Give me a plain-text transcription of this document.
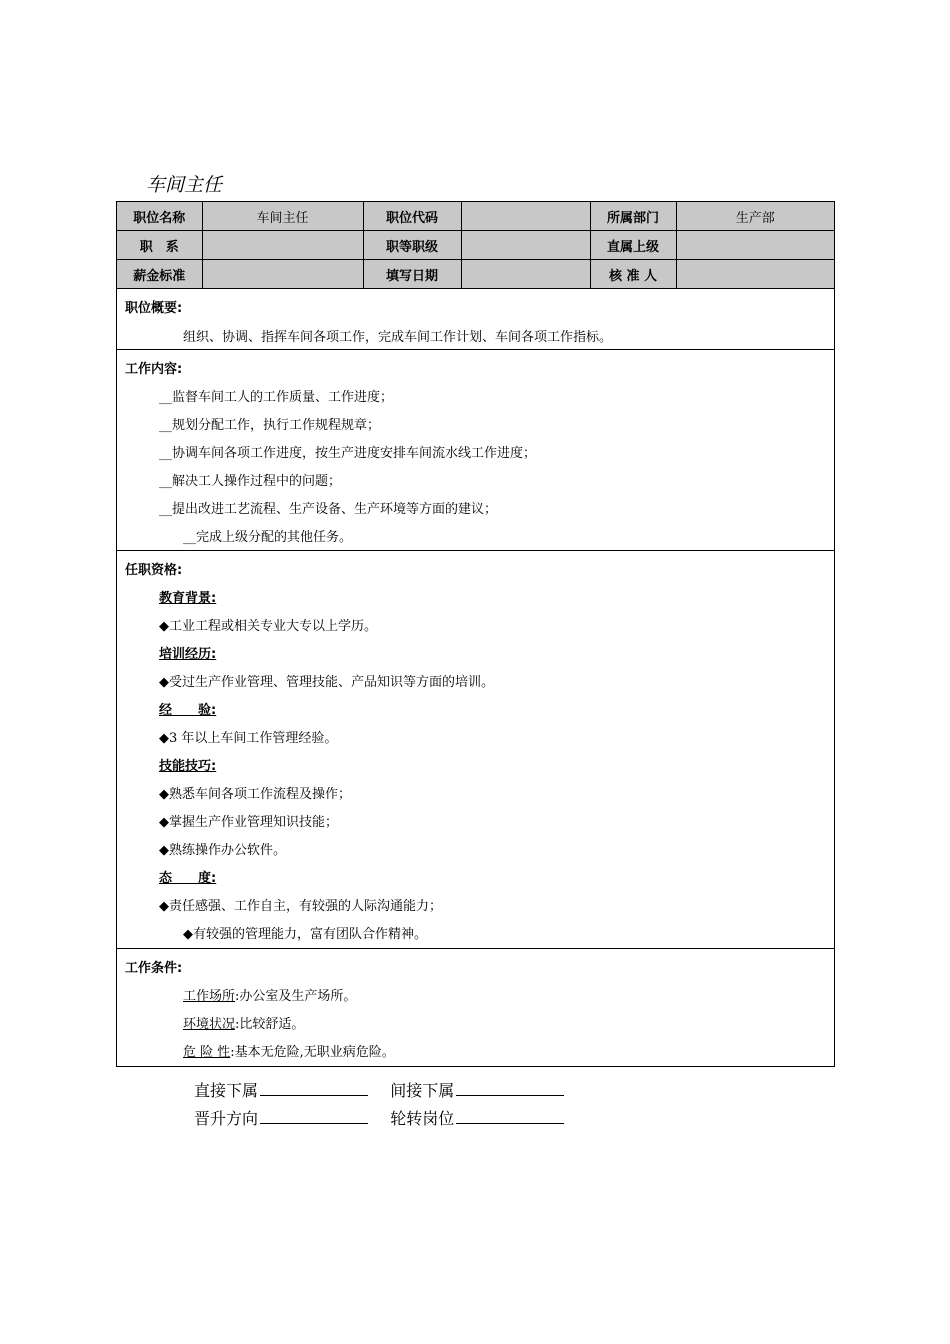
车间主任
职位名称	车间主任	职位代码		所属部门	生产部
职　系		职等职级		直属上级	
薪金标准		填写日期		核 准 人	
职位概要:
组织、协调、指挥车间各项工作，完成车间工作计划、车间各项工作指标。
工作内容:
__监督车间工人的工作质量、工作进度；
__规划分配工作，执行工作规程规章；
__协调车间各项工作进度，按生产进度安排车间流水线工作进度；
__解决工人操作过程中的问题；
__提出改进工艺流程、生产设备、生产环境等方面的建议；
__完成上级分配的其他任务。
任职资格:
教育背景:
◆工业工程或相关专业大专以上学历。
培训经历:
◆受过生产作业管理、管理技能、产品知识等方面的培训。
经　　验:
◆3 年以上车间工作管理经验。
技能技巧:
◆熟悉车间各项工作流程及操作；
◆掌握生产作业管理知识技能；
◆熟练操作办公软件。
态　　度:
◆责任感强、工作自主，有较强的人际沟通能力；
◆有较强的管理能力，富有团队合作精神。
工作条件:
工作场所:办公室及生产场所。
环境状况:比较舒适。
危 险 性:基本无危险,无职业病危险。
直接下属	间接下属
晋升方向	轮转岗位
